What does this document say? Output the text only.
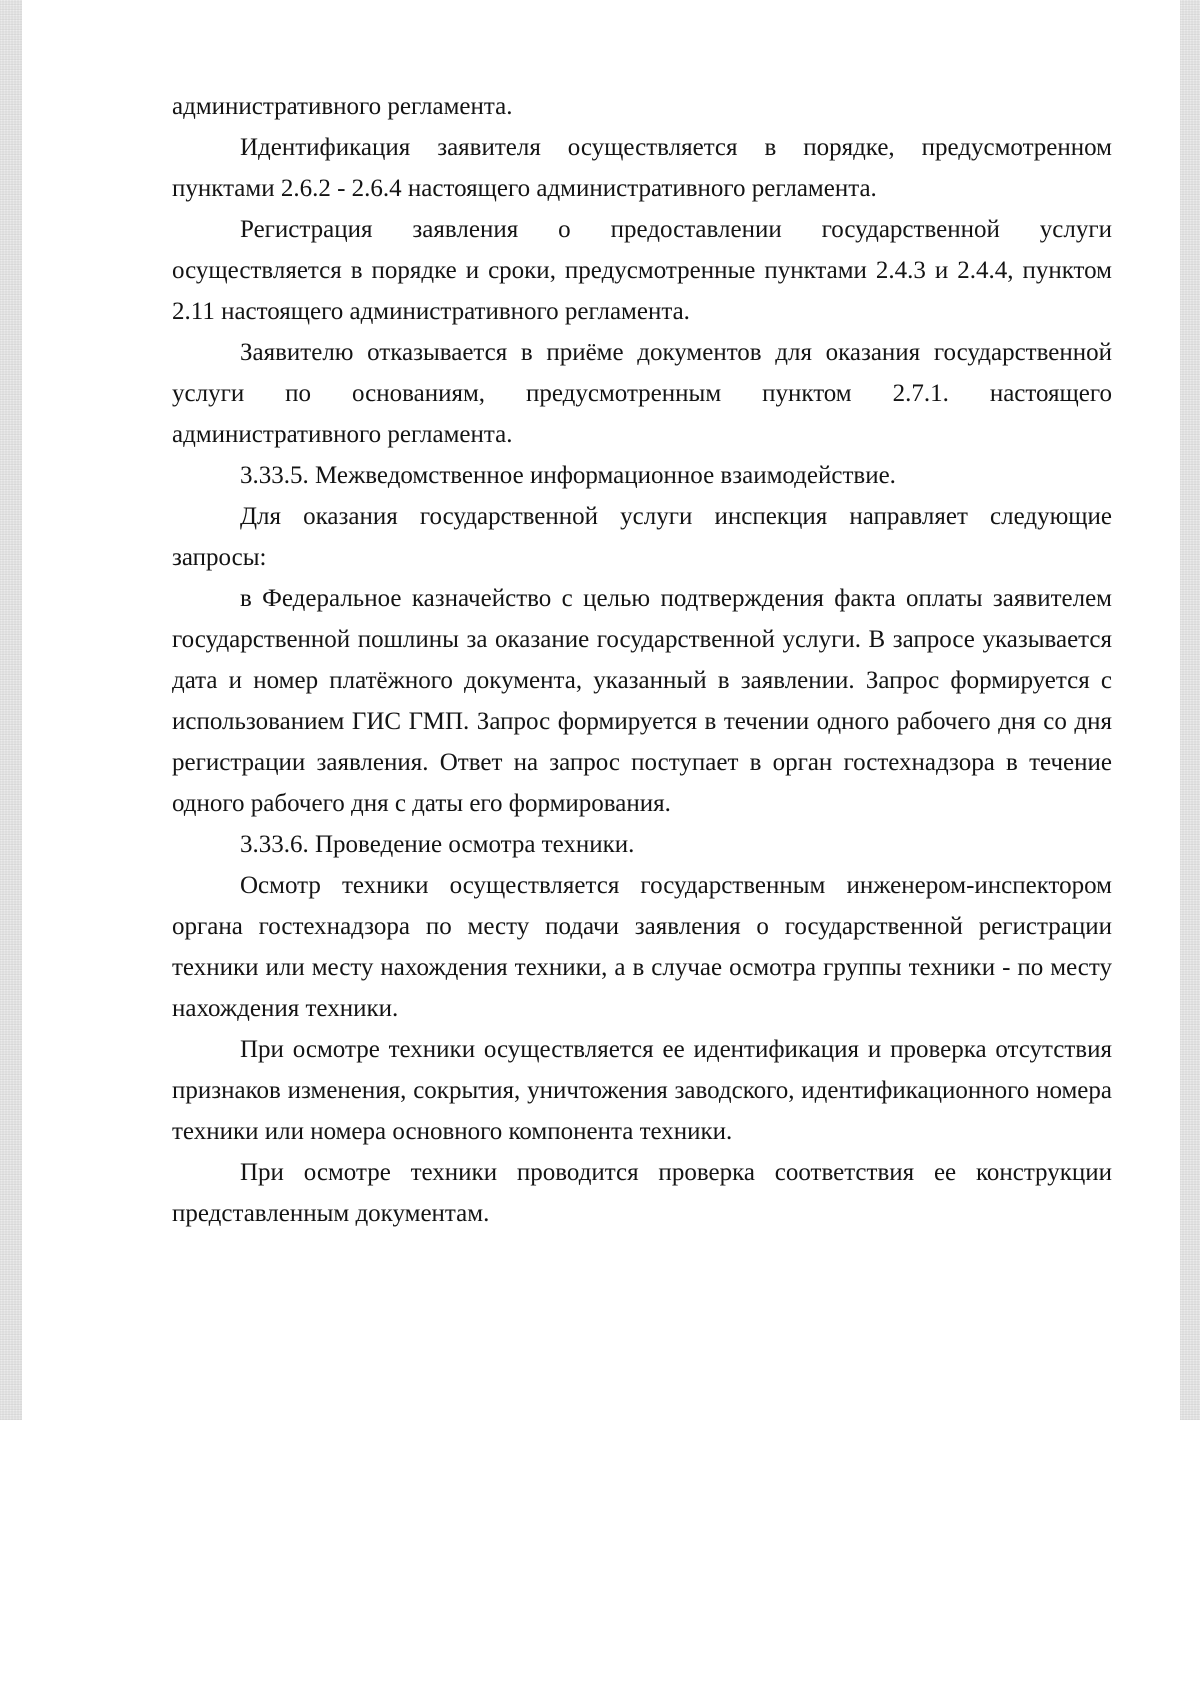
административного регламента.

Идентификация заявителя осуществляется в порядке, предусмотренном пунктами 2.6.2 - 2.6.4 настоящего административного регламента.

Регистрация заявления о предоставлении государственной услуги осуществляется в порядке и сроки, предусмотренные пунктами 2.4.3 и 2.4.4, пунктом 2.11 настоящего административного регламента.

Заявителю отказывается в приёме документов для оказания государственной услуги по основаниям, предусмотренным пунктом 2.7.1. настоящего административного регламента.

3.33.5. Межведомственное информационное взаимодействие.

Для оказания государственной услуги инспекция направляет следующие запросы:

в Федеральное казначейство с целью подтверждения факта оплаты заявителем государственной пошлины за оказание государственной услуги. В запросе указывается дата и номер платёжного документа, указанный в заявлении. Запрос формируется с использованием ГИС ГМП. Запрос формируется в течении одного рабочего дня со дня регистрации заявления. Ответ на запрос поступает в орган гостехнадзора в течение одного рабочего дня с даты его формирования.

3.33.6. Проведение осмотра техники.

Осмотр техники осуществляется государственным инженером-инспектором органа гостехнадзора по месту подачи заявления о государственной регистрации техники или месту нахождения техники, а в случае осмотра группы техники - по месту нахождения техники.

При осмотре техники осуществляется ее идентификация и проверка отсутствия признаков изменения, сокрытия, уничтожения заводского, идентификационного номера техники или номера основного компонента техники.

При осмотре техники проводится проверка соответствия ее конструкции представленным документам.
